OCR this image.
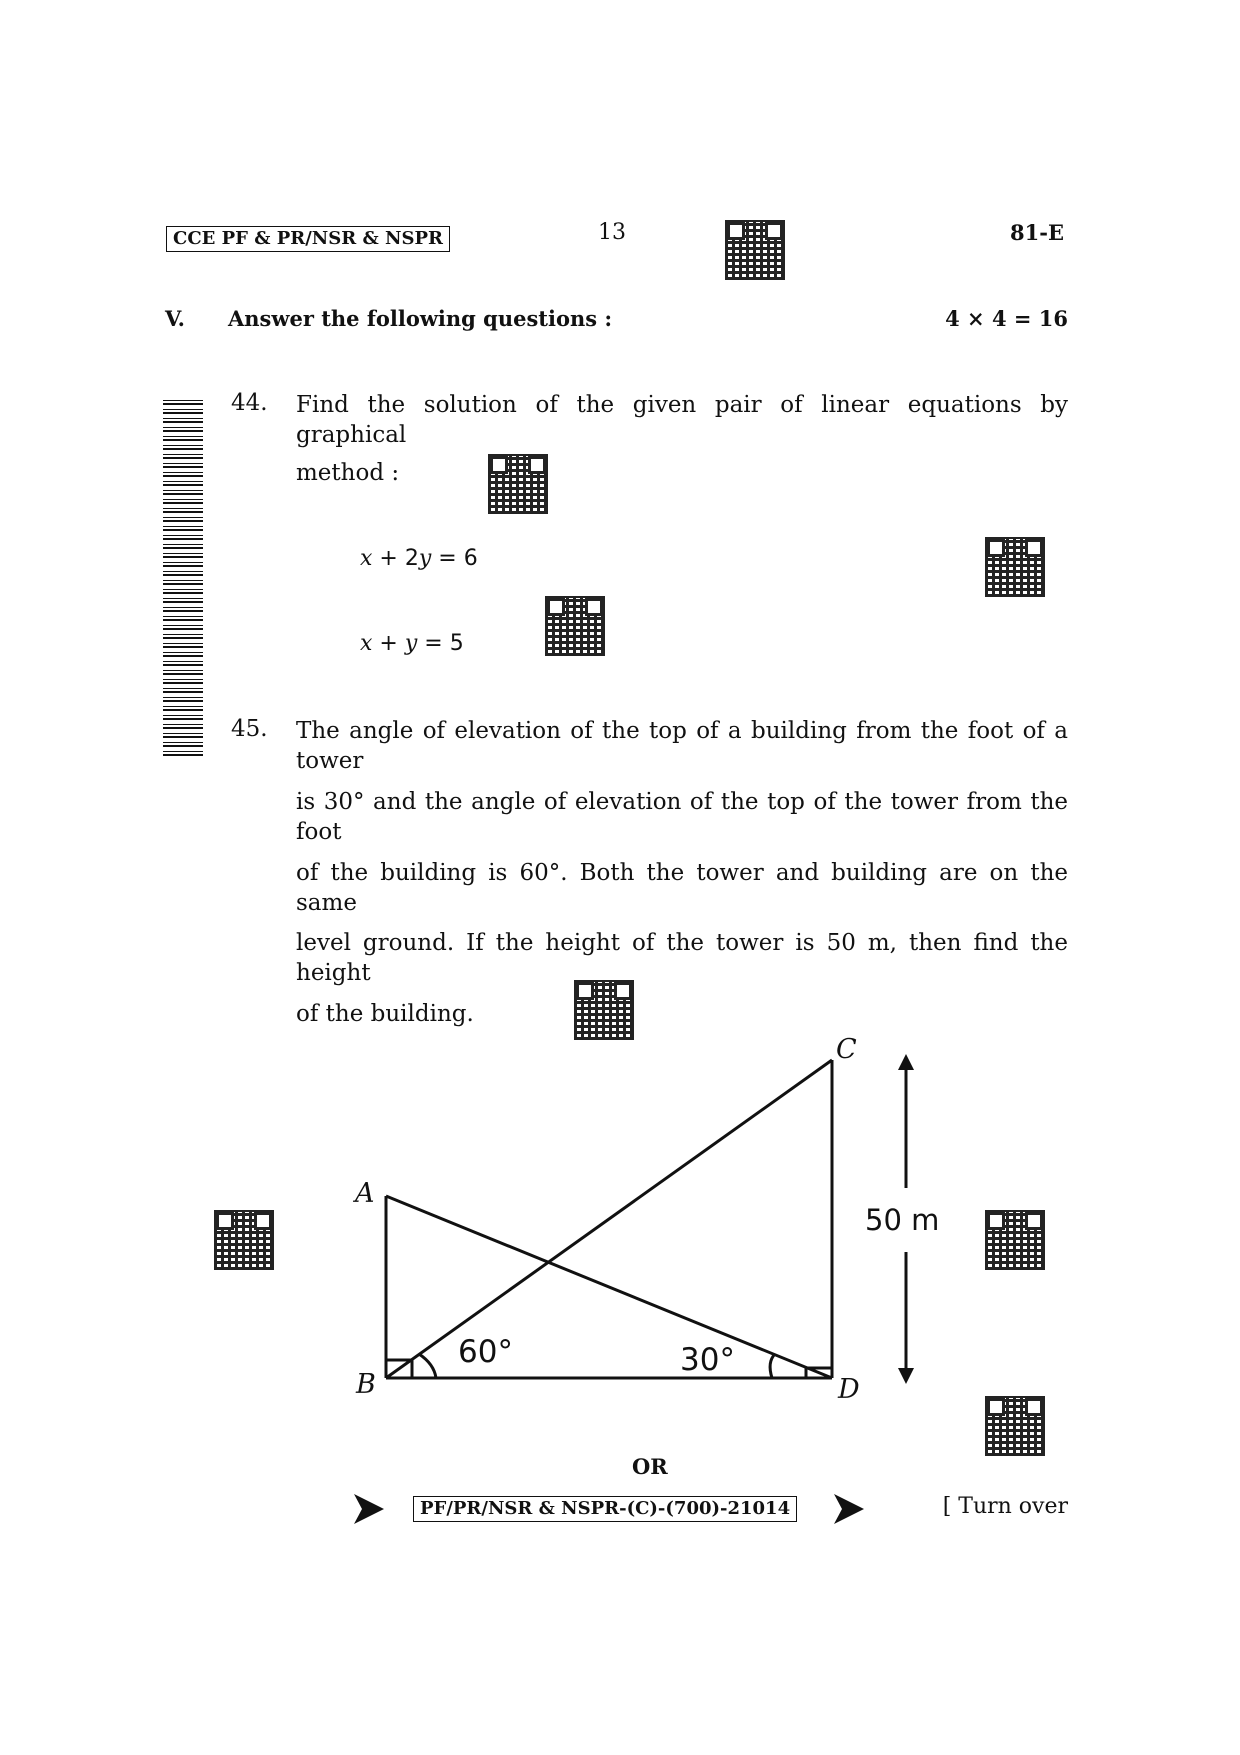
CCE PF & PR/NSR & NSPR	13	81-E
V. Answer the following questions :	4 × 4 = 16
44. Find the solution of the given pair of linear equations by graphical
method :
x + 2y = 6
x + y = 5
45. The angle of elevation of the top of a building from the foot of a tower
is 30° and the angle of elevation of the top of the tower from the foot
of the building is 60°. Both the tower and building are on the same
level ground. If the height of the tower is 50 m, then find the height
of the building.
A
B
C
D
60°	30°
50 m
OR
PF/PR/NSR & NSPR-(C)-(700)-21014	[ Turn over
